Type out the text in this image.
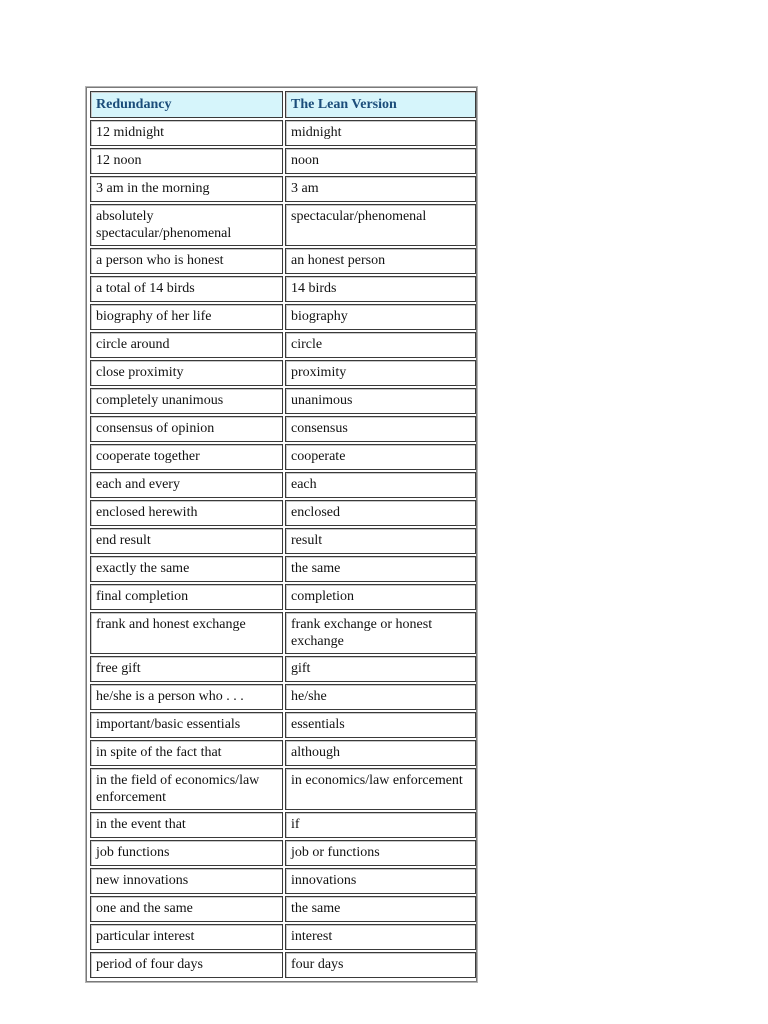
Redundancy	The Lean Version
12 midnight	midnight
12 noon	noon
3 am in the morning	3 am
absolutely spectacular/phenomenal	spectacular/phenomenal
a person who is honest	an honest person
a total of 14 birds	14 birds
biography of her life	biography
circle around	circle
close proximity	proximity
completely unanimous	unanimous
consensus of opinion	consensus
cooperate together	cooperate
each and every	each
enclosed herewith	enclosed
end result	result
exactly the same	the same
final completion	completion
frank and honest exchange	frank exchange or honest exchange
free gift	gift
he/she is a person who . . .	he/she
important/basic essentials	essentials
in spite of the fact that	although
in the field of economics/law enforcement	in economics/law enforcement
in the event that	if
job functions	job or functions
new innovations	innovations
one and the same	the same
particular interest	interest
period of four days	four days
